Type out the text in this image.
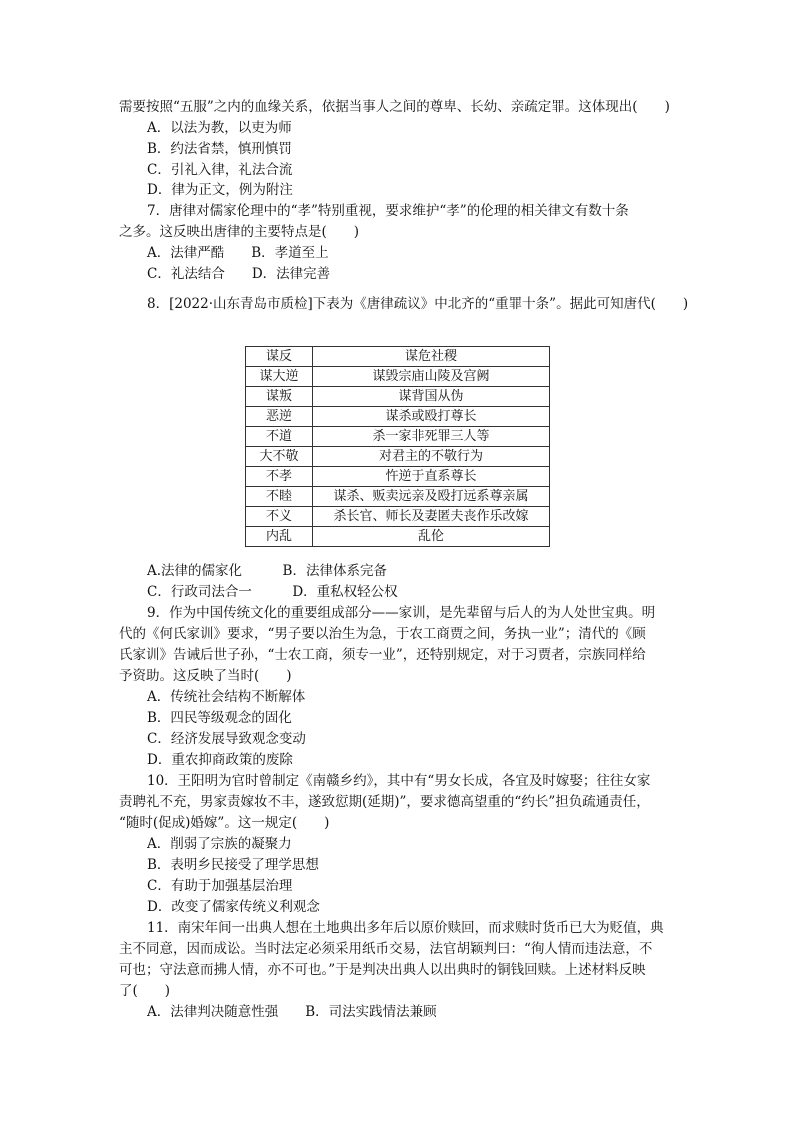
需要按照“五服”之内的血缘关系，依据当事人之间的尊卑、长幼、亲疏定罪。这体现出(　　)
A．以法为教，以吏为师
B．约法省禁，慎刑慎罚
C．引礼入律，礼法合流
D．律为正文，例为附注
7．唐律对儒家伦理中的“孝”特别重视，要求维护“孝”的伦理的相关律文有数十条
之多。这反映出唐律的主要特点是(　　)
A．法律严酷　　B．孝道至上
C．礼法结合　　D．法律完善
8．[2022·山东青岛市质检]下表为《唐律疏议》中北齐的“重罪十条”。据此可知唐代(　　)
谋反	谋危社稷
谋大逆	谋毁宗庙山陵及宫阙
谋叛	谋背国从伪
恶逆	谋杀或殴打尊长
不道	杀一家非死罪三人等
大不敬	对君主的不敬行为
不孝	忤逆于直系尊长
不睦	谋杀、贩卖远亲及殴打远系尊亲属
不义	杀长官、师长及妻匿夫丧作乐改嫁
内乱	乱伦
A.法律的儒家化　　　B．法律体系完备
C．行政司法合一　　　D．重私权轻公权
9．作为中国传统文化的重要组成部分——家训，是先辈留与后人的为人处世宝典。明
代的《何氏家训》要求，“男子要以治生为急，于农工商贾之间，务执一业”；清代的《顾
氏家训》告诫后世子孙，“士农工商，须专一业”，还特别规定，对于习贾者，宗族同样给
予资助。这反映了当时(　　)
A．传统社会结构不断解体
B．四民等级观念的固化
C．经济发展导致观念变动
D．重农抑商政策的废除
10．王阳明为官时曾制定《南赣乡约》，其中有“男女长成，各宜及时嫁娶；往往女家
责聘礼不充，男家责嫁妆不丰，遂致愆期(延期)”，要求德高望重的“约长”担负疏通责任，
“随时(促成)婚嫁”。这一规定(　　)
A．削弱了宗族的凝聚力
B．表明乡民接受了理学思想
C．有助于加强基层治理
D．改变了儒家传统义利观念
11．南宋年间一出典人想在土地典出多年后以原价赎回，而求赎时货币已大为贬值，典
主不同意，因而成讼。当时法定必须采用纸币交易，法官胡颖判曰：“徇人情而违法意，不
可也；守法意而拂人情，亦不可也。”于是判决出典人以出典时的铜钱回赎。上述材料反映
了(　　)
A．法律判决随意性强　　B．司法实践情法兼顾
